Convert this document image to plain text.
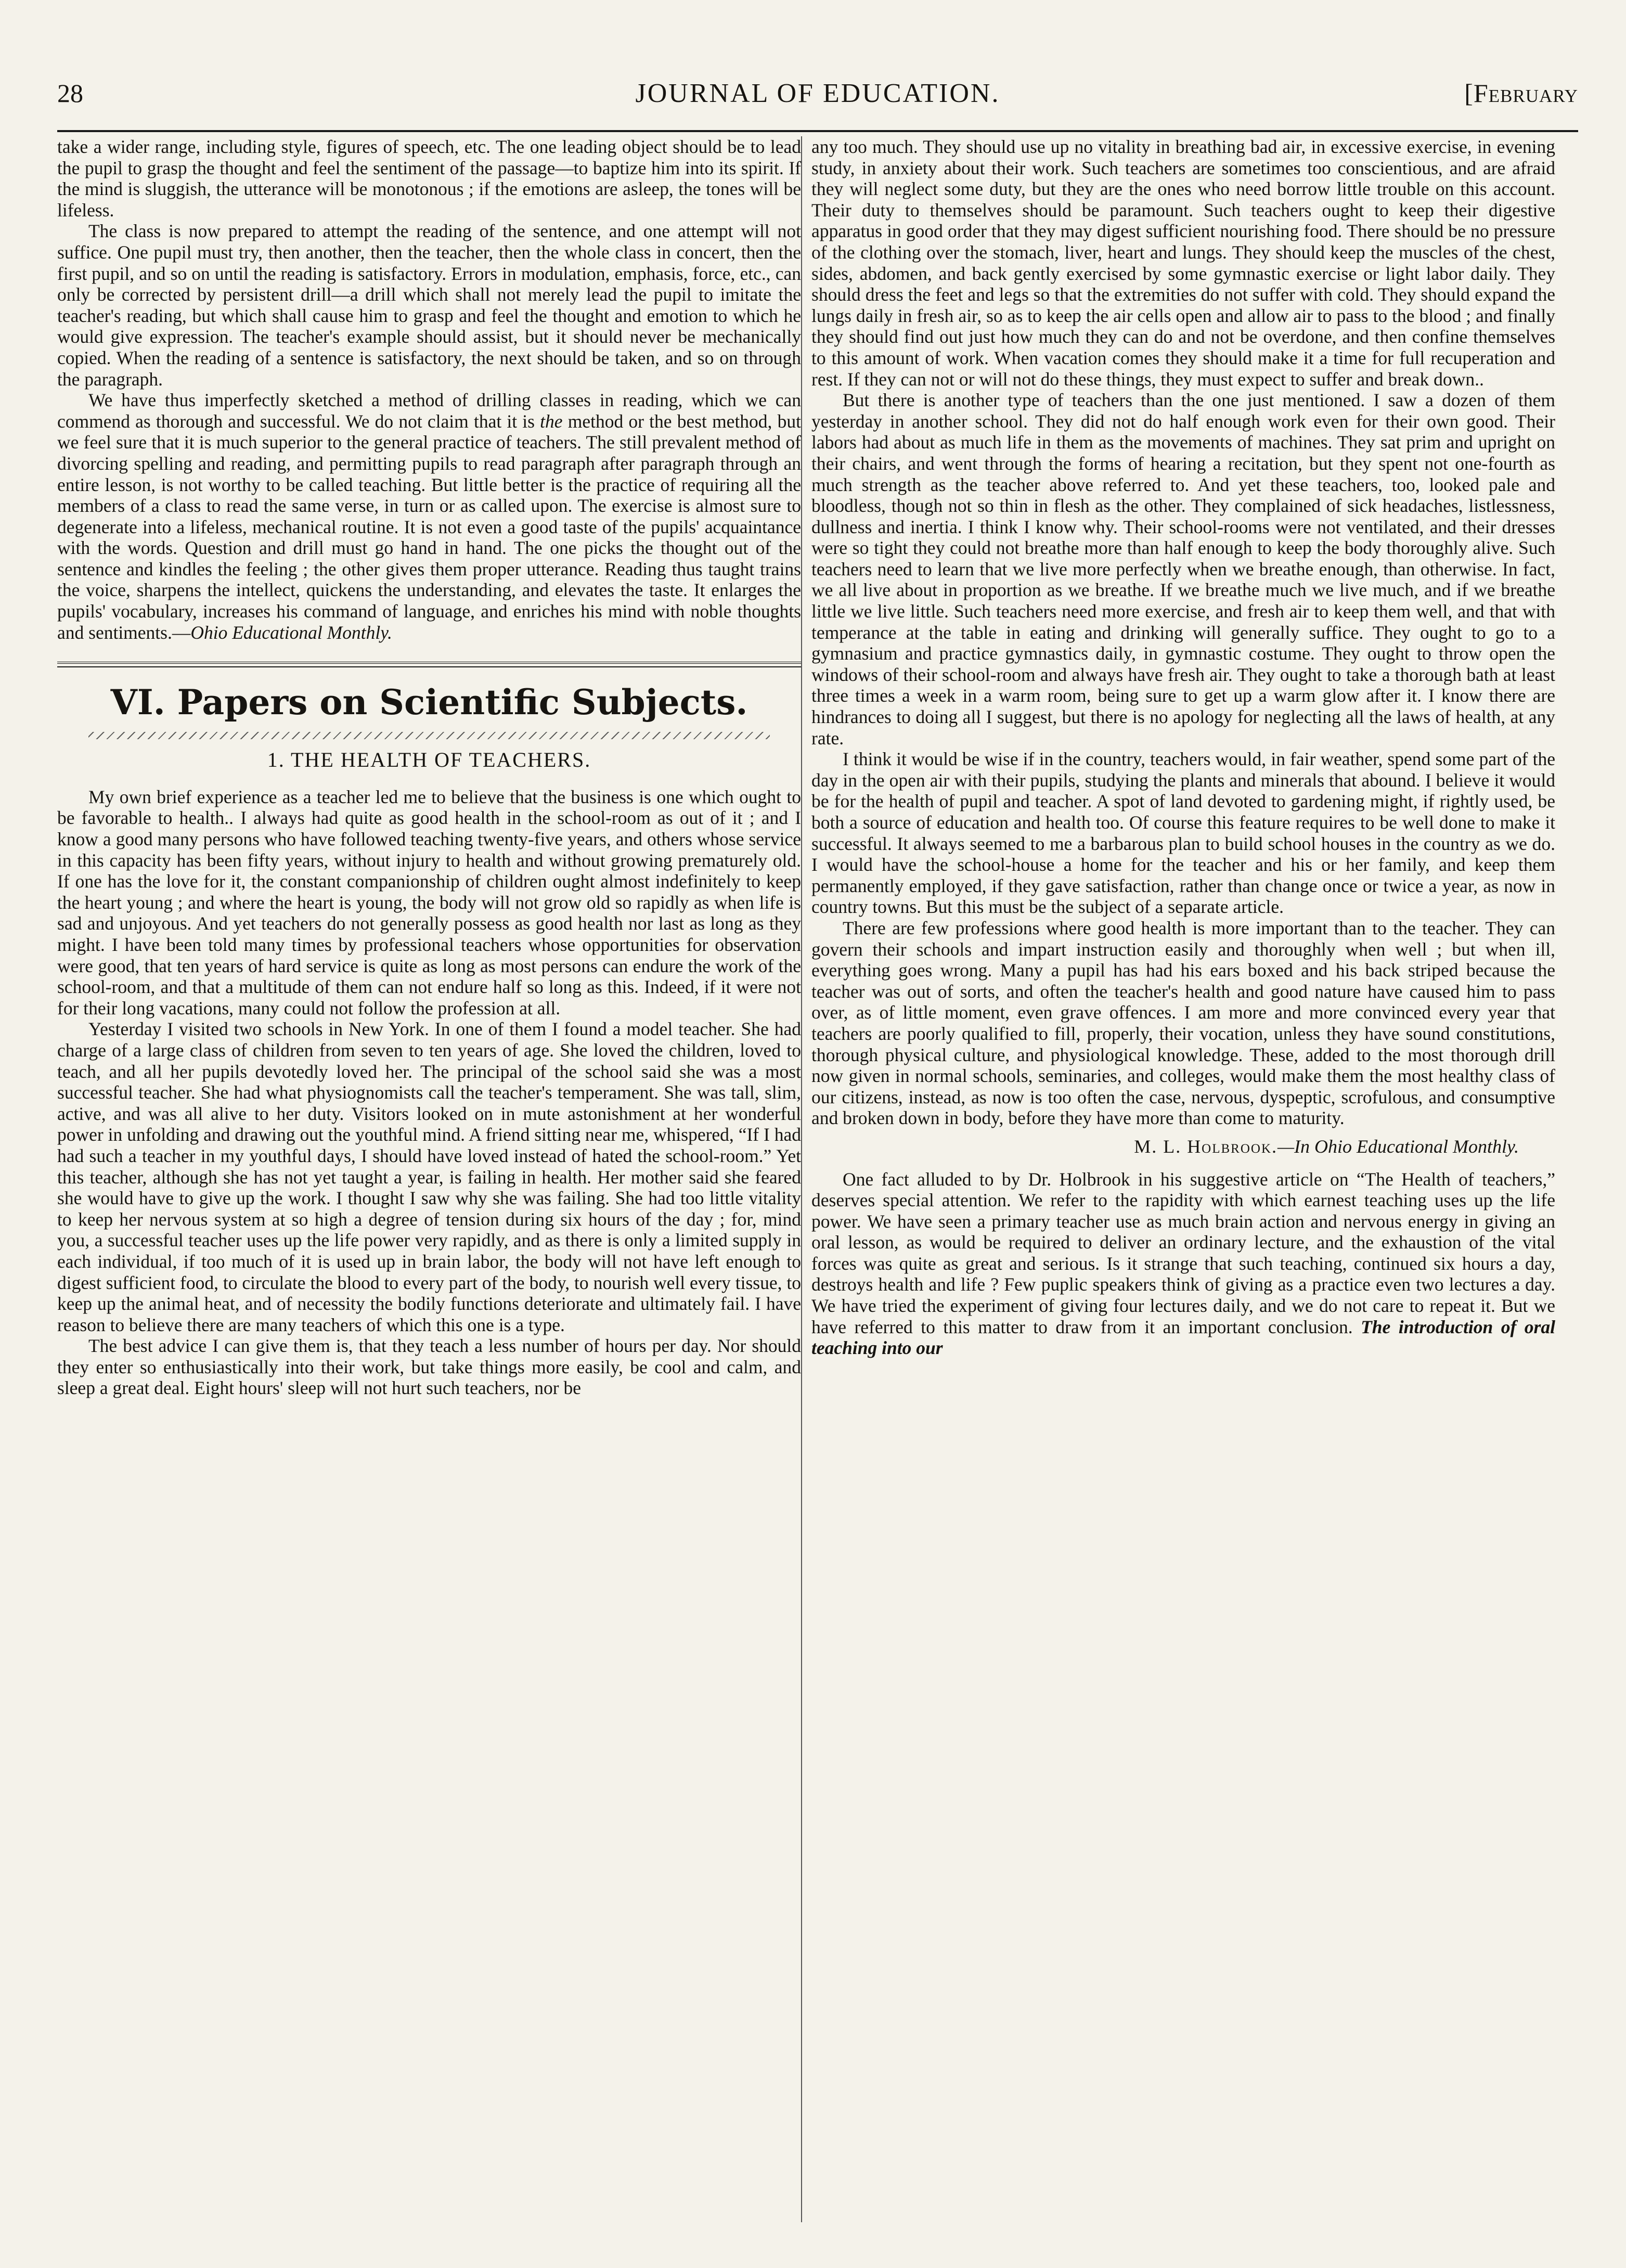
28	JOURNAL OF EDUCATION.	[February

take a wider range, including style, figures of speech, etc. The one leading object should be to lead the pupil to grasp the thought and feel the sentiment of the passage—to baptize him into its spirit. If the mind is sluggish, the utterance will be monotonous ; if the emotions are asleep, the tones will be lifeless.

The class is now prepared to attempt the reading of the sentence, and one attempt will not suffice. One pupil must try, then another, then the teacher, then the whole class in concert, then the first pupil, and so on until the reading is satisfactory. Errors in modulation, emphasis, force, etc., can only be corrected by persistent drill—a drill which shall not merely lead the pupil to imitate the teacher's reading, but which shall cause him to grasp and feel the thought and emotion to which he would give expression. The teacher's example should assist, but it should never be mechanically copied. When the reading of a sentence is satisfactory, the next should be taken, and so on through the paragraph.

We have thus imperfectly sketched a method of drilling classes in reading, which we can commend as thorough and successful. We do not claim that it is the method or the best method, but we feel sure that it is much superior to the general practice of teachers. The still prevalent method of divorcing spelling and reading, and permitting pupils to read paragraph after paragraph through an entire lesson, is not worthy to be called teaching. But little better is the practice of requiring all the members of a class to read the same verse, in turn or as called upon. The exercise is almost sure to degenerate into a lifeless, mechanical routine. It is not even a good taste of the pupils' acquaintance with the words. Question and drill must go hand in hand. The one picks the thought out of the sentence and kindles the feeling ; the other gives them proper utterance. Reading thus taught trains the voice, sharpens the intellect, quickens the understanding, and elevates the taste. It enlarges the pupils' vocabulary, increases his command of language, and enriches his mind with noble thoughts and sentiments.—Ohio Educational Monthly.

VI. Papers on Scientific Subjects.
1. THE HEALTH OF TEACHERS.

My own brief experience as a teacher led me to believe that the business is one which ought to be favorable to health.. I always had quite as good health in the school-room as out of it ; and I know a good many persons who have followed teaching twenty-five years, and others whose service in this capacity has been fifty years, without injury to health and without growing prematurely old. If one has the love for it, the constant companionship of children ought almost indefinitely to keep the heart young ; and where the heart is young, the body will not grow old so rapidly as when life is sad and unjoyous. And yet teachers do not generally possess as good health nor last as long as they might. I have been told many times by professional teachers whose opportunities for observation were good, that ten years of hard service is quite as long as most persons can endure the work of the school-room, and that a multitude of them can not endure half so long as this. Indeed, if it were not for their long vacations, many could not follow the profession at all.

Yesterday I visited two schools in New York. In one of them I found a model teacher. She had charge of a large class of children from seven to ten years of age. She loved the children, loved to teach, and all her pupils devotedly loved her. The principal of the school said she was a most successful teacher. She had what physiognomists call the teacher's temperament. She was tall, slim, active, and was all alive to her duty. Visitors looked on in mute astonishment at her wonderful power in unfolding and drawing out the youthful mind. A friend sitting near me, whispered, “If I had had such a teacher in my youthful days, I should have loved instead of hated the school-room.” Yet this teacher, although she has not yet taught a year, is failing in health. Her mother said she feared she would have to give up the work. I thought I saw why she was failing. She had too little vitality to keep her nervous system at so high a degree of tension during six hours of the day ; for, mind you, a successful teacher uses up the life power very rapidly, and as there is only a limited supply in each individual, if too much of it is used up in brain labor, the body will not have left enough to digest sufficient food, to circulate the blood to every part of the body, to nourish well every tissue, to keep up the animal heat, and of necessity the bodily functions deteriorate and ultimately fail. I have reason to believe there are many teachers of which this one is a type.

The best advice I can give them is, that they teach a less number of hours per day. Nor should they enter so enthusiastically into their work, but take things more easily, be cool and calm, and sleep a great deal. Eight hours' sleep will not hurt such teachers, nor be

any too much. They should use up no vitality in breathing bad air, in excessive exercise, in evening study, in anxiety about their work. Such teachers are sometimes too conscientious, and are afraid they will neglect some duty, but they are the ones who need borrow little trouble on this account. Their duty to themselves should be paramount. Such teachers ought to keep their digestive apparatus in good order that they may digest sufficient nourishing food. There should be no pressure of the clothing over the stomach, liver, heart and lungs. They should keep the muscles of the chest, sides, abdomen, and back gently exercised by some gymnastic exercise or light labor daily. They should dress the feet and legs so that the extremities do not suffer with cold. They should expand the lungs daily in fresh air, so as to keep the air cells open and allow air to pass to the blood ; and finally they should find out just how much they can do and not be overdone, and then confine themselves to this amount of work. When vacation comes they should make it a time for full recuperation and rest. If they can not or will not do these things, they must expect to suffer and break down..

But there is another type of teachers than the one just mentioned. I saw a dozen of them yesterday in another school. They did not do half enough work even for their own good. Their labors had about as much life in them as the movements of machines. They sat prim and upright on their chairs, and went through the forms of hearing a recitation, but they spent not one-fourth as much strength as the teacher above referred to. And yet these teachers, too, looked pale and bloodless, though not so thin in flesh as the other. They complained of sick headaches, listlessness, dullness and inertia. I think I know why. Their school-rooms were not ventilated, and their dresses were so tight they could not breathe more than half enough to keep the body thoroughly alive. Such teachers need to learn that we live more perfectly when we breathe enough, than otherwise. In fact, we all live about in proportion as we breathe. If we breathe much we live much, and if we breathe little we live little. Such teachers need more exercise, and fresh air to keep them well, and that with temperance at the table in eating and drinking will generally suffice. They ought to go to a gymnasium and practice gymnastics daily, in gymnastic costume. They ought to throw open the windows of their school-room and always have fresh air. They ought to take a thorough bath at least three times a week in a warm room, being sure to get up a warm glow after it. I know there are hindrances to doing all I suggest, but there is no apology for neglecting all the laws of health, at any rate.

I think it would be wise if in the country, teachers would, in fair weather, spend some part of the day in the open air with their pupils, studying the plants and minerals that abound. I believe it would be for the health of pupil and teacher. A spot of land devoted to gardening might, if rightly used, be both a source of education and health too. Of course this feature requires to be well done to make it successful. It always seemed to me a barbarous plan to build school houses in the country as we do. I would have the school-house a home for the teacher and his or her family, and keep them permanently employed, if they gave satisfaction, rather than change once or twice a year, as now in country towns. But this must be the subject of a separate article.

There are few professions where good health is more important than to the teacher. They can govern their schools and impart instruction easily and thoroughly when well ; but when ill, everything goes wrong. Many a pupil has had his ears boxed and his back striped because the teacher was out of sorts, and often the teacher's health and good nature have caused him to pass over, as of little moment, even grave offences. I am more and more convinced every year that teachers are poorly qualified to fill, properly, their vocation, unless they have sound constitutions, thorough physical culture, and physiological knowledge. These, added to the most thorough drill now given in normal schools, seminaries, and colleges, would make them the most healthy class of our citizens, instead, as now is too often the case, nervous, dyspeptic, scrofulous, and consumptive and broken down in body, before they have more than come to maturity.

M. L. Holbrook.—In Ohio Educational Monthly.

One fact alluded to by Dr. Holbrook in his suggestive article on “The Health of teachers,” deserves special attention. We refer to the rapidity with which earnest teaching uses up the life power. We have seen a primary teacher use as much brain action and nervous energy in giving an oral lesson, as would be required to deliver an ordinary lecture, and the exhaustion of the vital forces was quite as great and serious. Is it strange that such teaching, continued six hours a day, destroys health and life ? Few puplic speakers think of giving as a practice even two lectures a day. We have tried the experiment of giving four lectures daily, and we do not care to repeat it. But we have referred to this matter to draw from it an important conclusion. The introduction of oral teaching into our
